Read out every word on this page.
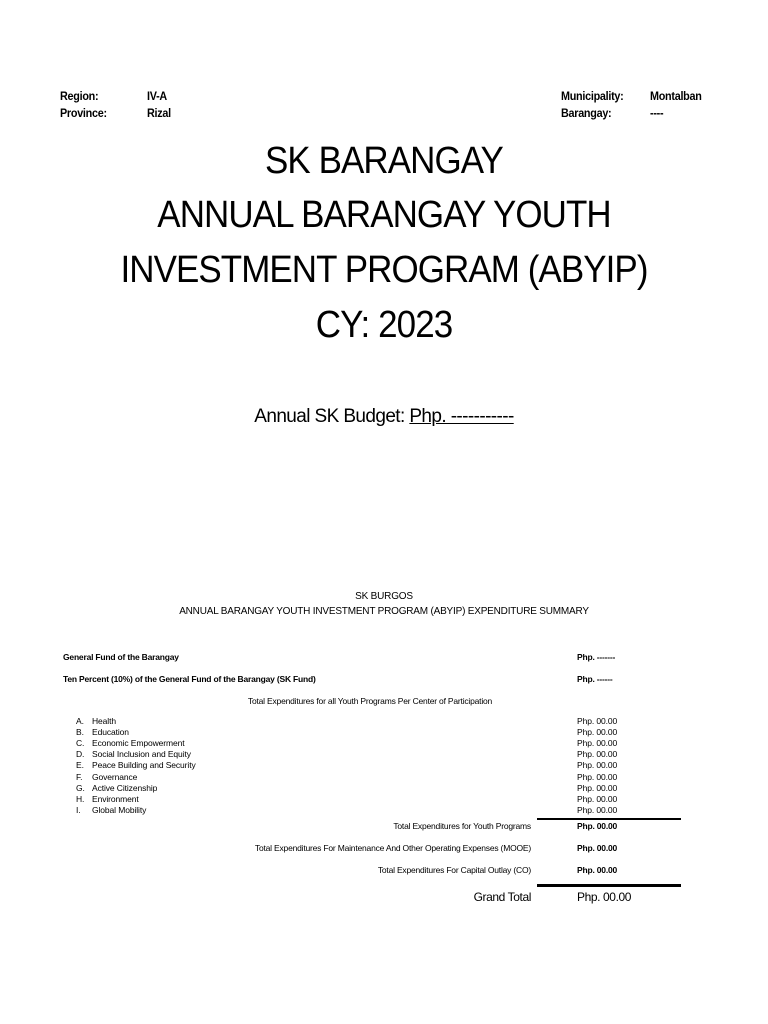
Region:	IV-A
Province:	Rizal
Municipality: Montalban
Barangay:	----
SK BARANGAY
ANNUAL BARANGAY YOUTH
INVESTMENT PROGRAM (ABYIP)
CY: 2023
Annual SK Budget: Php. -----------
SK BURGOS
ANNUAL BARANGAY YOUTH INVESTMENT PROGRAM (ABYIP) EXPENDITURE SUMMARY
General Fund of the Barangay	Php. -------
Ten Percent (10%) of the General Fund of the Barangay (SK Fund)	Php. ------
Total Expenditures for all Youth Programs Per Center of Participation
A. Health	Php. 00.00
B. Education	Php. 00.00
C. Economic Empowerment	Php. 00.00
D. Social Inclusion and Equity	Php. 00.00
E. Peace Building and Security	Php. 00.00
F.	Governance	Php. 00.00
G. Active Citizenship	Php. 00.00
H. Environment	Php. 00.00
I.	Global Mobility	Php. 00.00
Total Expenditures for Youth Programs	Php. 00.00
Total Expenditures For Maintenance And Other Operating Expenses (MOOE)	Php. 00.00
Total Expenditures For Capital Outlay (CO)	Php. 00.00
Grand Total	Php. 00.00
